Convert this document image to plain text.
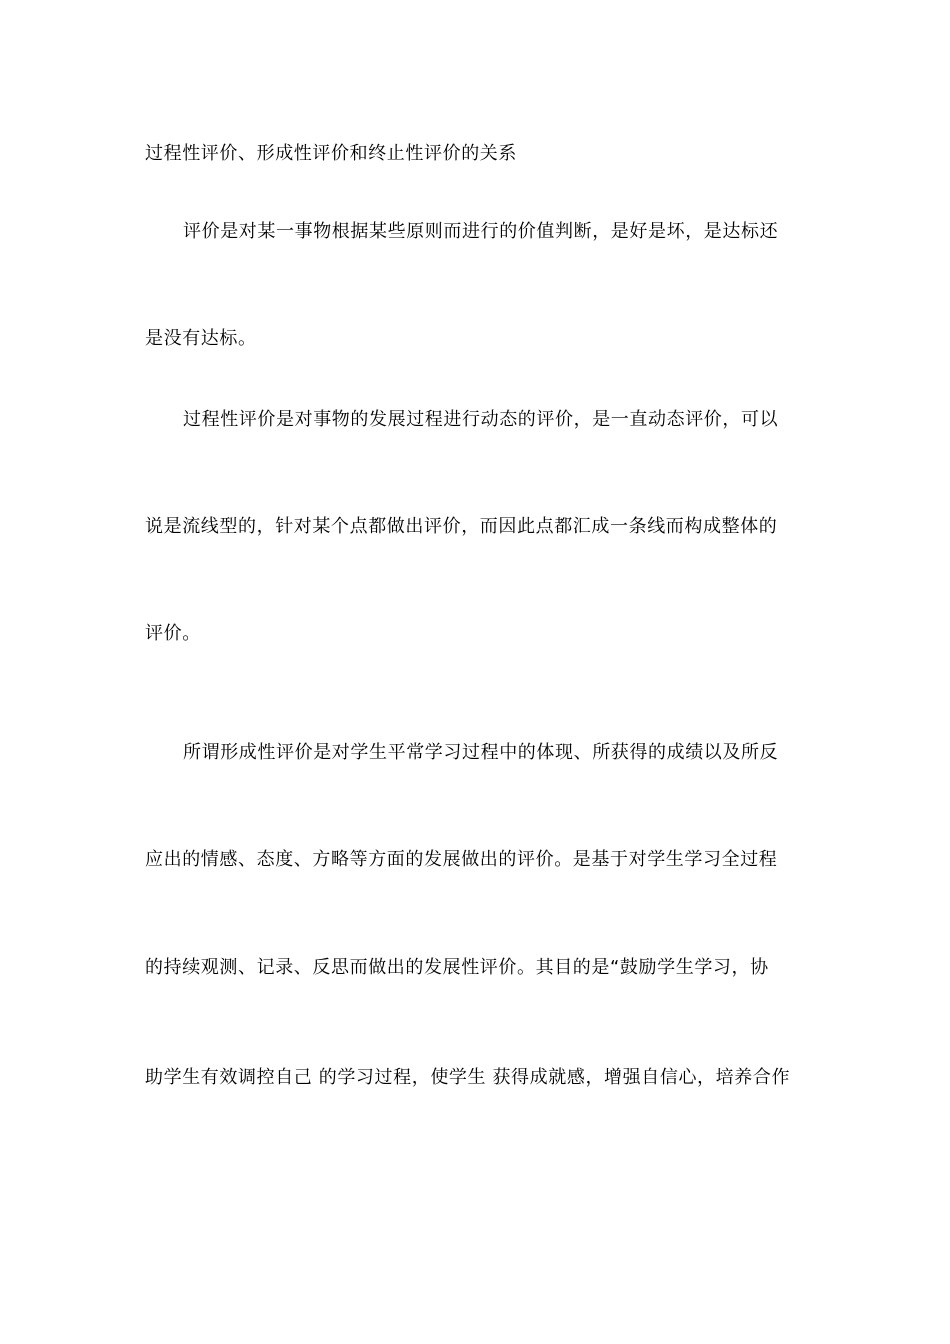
过程性评价、形成性评价和终止性评价的关系
评价是对某一事物根据某些原则而进行的价值判断，是好是坏，是达标还
是没有达标。
过程性评价是对事物的发展过程进行动态的评价，是一直动态评价，可以
说是流线型的，针对某个点都做出评价，而因此点都汇成一条线而构成整体的
评价。
所谓形成性评价是对学生平常学习过程中的体现、所获得的成绩以及所反
应出的情感、态度、方略等方面的发展做出的评价。是基于对学生学习全过程
的持续观测、记录、反思而做出的发展性评价。其目的是“鼓励学生学习，协
助学生有效调控自己 的学习过程，使学生 获得成就感，增强自信心，培养合作
